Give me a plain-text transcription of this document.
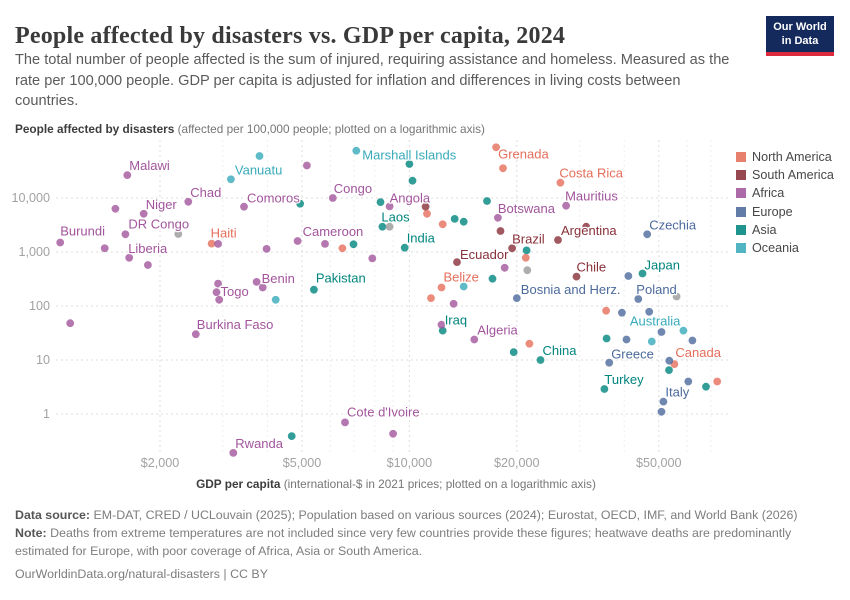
$2,000	$5,000	$10,000	$20,000	$50,000
1
10
100
1,000
10,000
Malawi
Niger
Chad
DR Congo
Burundi
Liberia
Haiti
Comoros
Vanuatu
Congo
Marshall Islands
Angola
Laos
India
Cameroon
Pakistan
Togo
Benin
Burkina Faso
Rwanda
Cote d'Ivoire
Grenada
Costa Rica
Mauritius
Botswana
Brazil
Argentina
Ecuador
Belize
Chile
Bosnia and Herz.
Czechia
Japan
Poland
Iraq
Algeria
China	Greece
Turkey
Canada
Australia
Italy
People affected by disasters vs. GDP per capita, 2024	Our World
in Data
The total number of people affected is the sum of injured, requiring assistance and homeless. Measured as the rate per 100,000 people. GDP per capita is adjusted for inflation and differences in living costs between countries.
People affected by disasters (affected per 100,000 people; plotted on a logarithmic axis)
GDP per capita (international-$ in 2021 prices; plotted on a logarithmic axis)
North America
South America
Africa
Europe
Asia
Oceania
Data source: EM-DAT, CRED / UCLouvain (2025); Population based on various sources (2024); Eurostat, OECD, IMF, and World Bank (2026)
Note: Deaths from extreme temperatures are not included since very few countries provide these figures; heatwave deaths are predominantly estimated for Europe, with poor coverage of Africa, Asia or South America.
OurWorldinData.org/natural-disasters | CC BY
